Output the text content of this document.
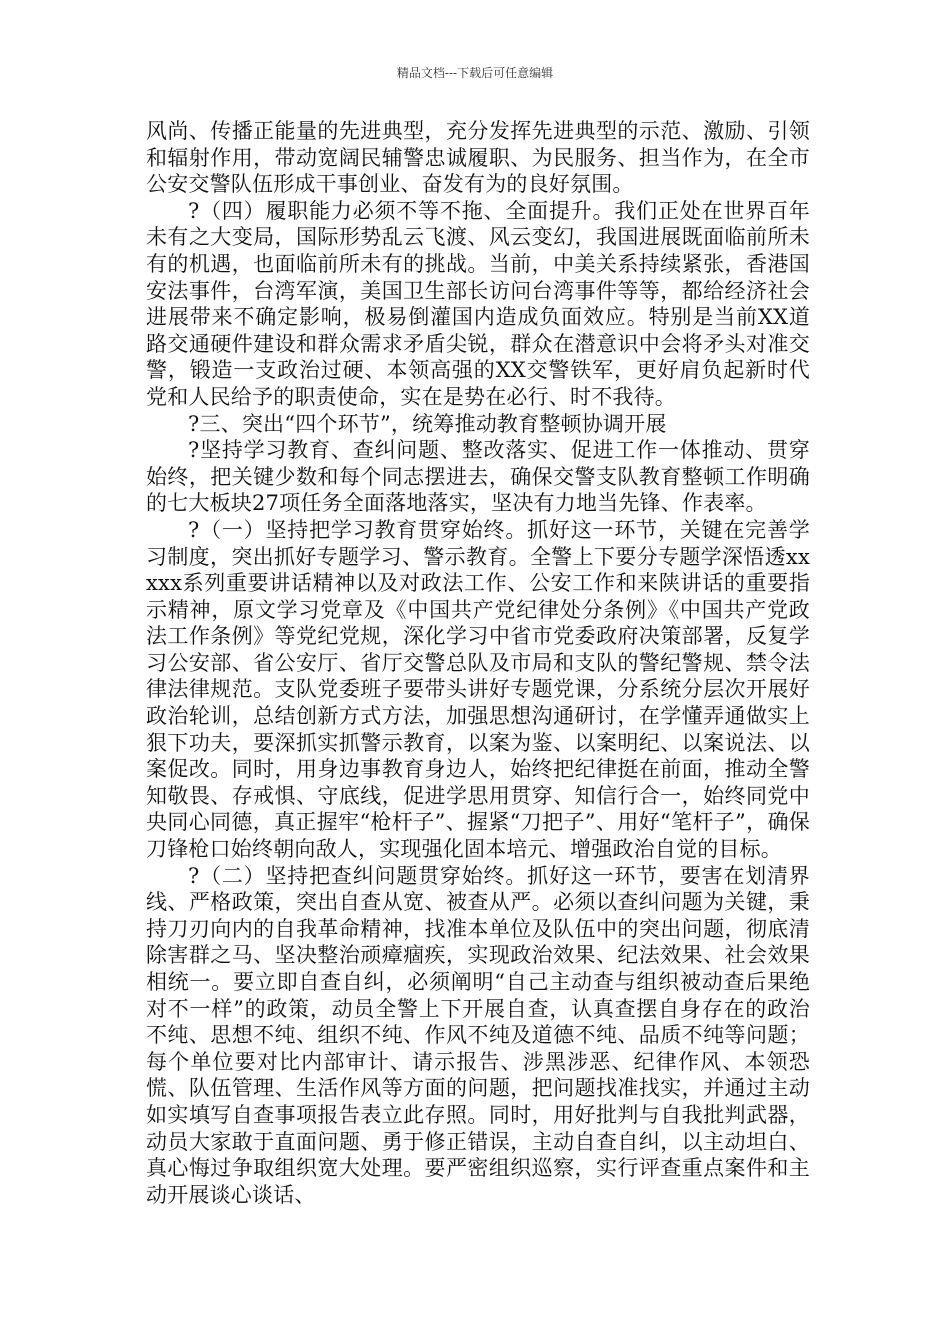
精品文档---下载后可任意编辑

风尚、传播正能量的先进典型，充分发挥先进典型的示范、激励、引领和辐射作用，带动宽阔民辅警忠诚履职、为民服务、担当作为，在全市公安交警队伍形成干事创业、奋发有为的良好氛围。

?（四）履职能力必须不等不拖、全面提升。我们正处在世界百年未有之大变局，国际形势乱云飞渡、风云变幻，我国进展既面临前所未有的机遇，也面临前所未有的挑战。当前，中美关系持续紧张，香港国安法事件，台湾军演，美国卫生部长访问台湾事件等等，都给经济社会进展带来不确定影响，极易倒灌国内造成负面效应。特别是当前XX道路交通硬件建设和群众需求矛盾尖锐，群众在潜意识中会将矛头对准交警，锻造一支政治过硬、本领高强的XX交警铁军，更好肩负起新时代党和人民给予的职责使命，实在是势在必行、时不我待。

?三、突出“四个环节”，统筹推动教育整顿协调开展

?坚持学习教育、查纠问题、整改落实、促进工作一体推动、贯穿始终，把关键少数和每个同志摆进去，确保交警支队教育整顿工作明确的七大板块27项任务全面落地落实，坚决有力地当先锋、作表率。

?（一）坚持把学习教育贯穿始终。抓好这一环节，关键在完善学习制度，突出抓好专题学习、警示教育。全警上下要分专题学深悟透xxxxx系列重要讲话精神以及对政法工作、公安工作和来陕讲话的重要指示精神，原文学习党章及《中国共产党纪律处分条例》《中国共产党政法工作条例》等党纪党规，深化学习中省市党委政府决策部署，反复学习公安部、省公安厅、省厅交警总队及市局和支队的警纪警规、禁令法律法律规范。支队党委班子要带头讲好专题党课，分系统分层次开展好政治轮训，总结创新方式方法，加强思想沟通研讨，在学懂弄通做实上狠下功夫，要深抓实抓警示教育，以案为鉴、以案明纪、以案说法、以案促改。同时，用身边事教育身边人，始终把纪律挺在前面，推动全警知敬畏、存戒惧、守底线，促进学思用贯穿、知信行合一，始终同党中央同心同德，真正握牢“枪杆子”、握紧“刀把子”、用好“笔杆子”，确保刀锋枪口始终朝向敌人，实现强化固本培元、增强政治自觉的目标。

?（二）坚持把查纠问题贯穿始终。抓好这一环节，要害在划清界线、严格政策，突出自查从宽、被查从严。必须以查纠问题为关键，秉持刀刃向内的自我革命精神，找准本单位及队伍中的突出问题，彻底清除害群之马、坚决整治顽瘴痼疾，实现政治效果、纪法效果、社会效果相统一。要立即自查自纠，必须阐明“自己主动查与组织被动查后果绝对不一样”的政策，动员全警上下开展自查，认真查摆自身存在的政治不纯、思想不纯、组织不纯、作风不纯及道德不纯、品质不纯等问题；每个单位要对比内部审计、请示报告、涉黑涉恶、纪律作风、本领恐慌、队伍管理、生活作风等方面的问题，把问题找准找实，并通过主动如实填写自查事项报告表立此存照。同时，用好批判与自我批判武器，动员大家敢于直面问题、勇于修正错误，主动自查自纠，以主动坦白、真心悔过争取组织宽大处理。要严密组织巡察，实行评查重点案件和主动开展谈心谈话、
